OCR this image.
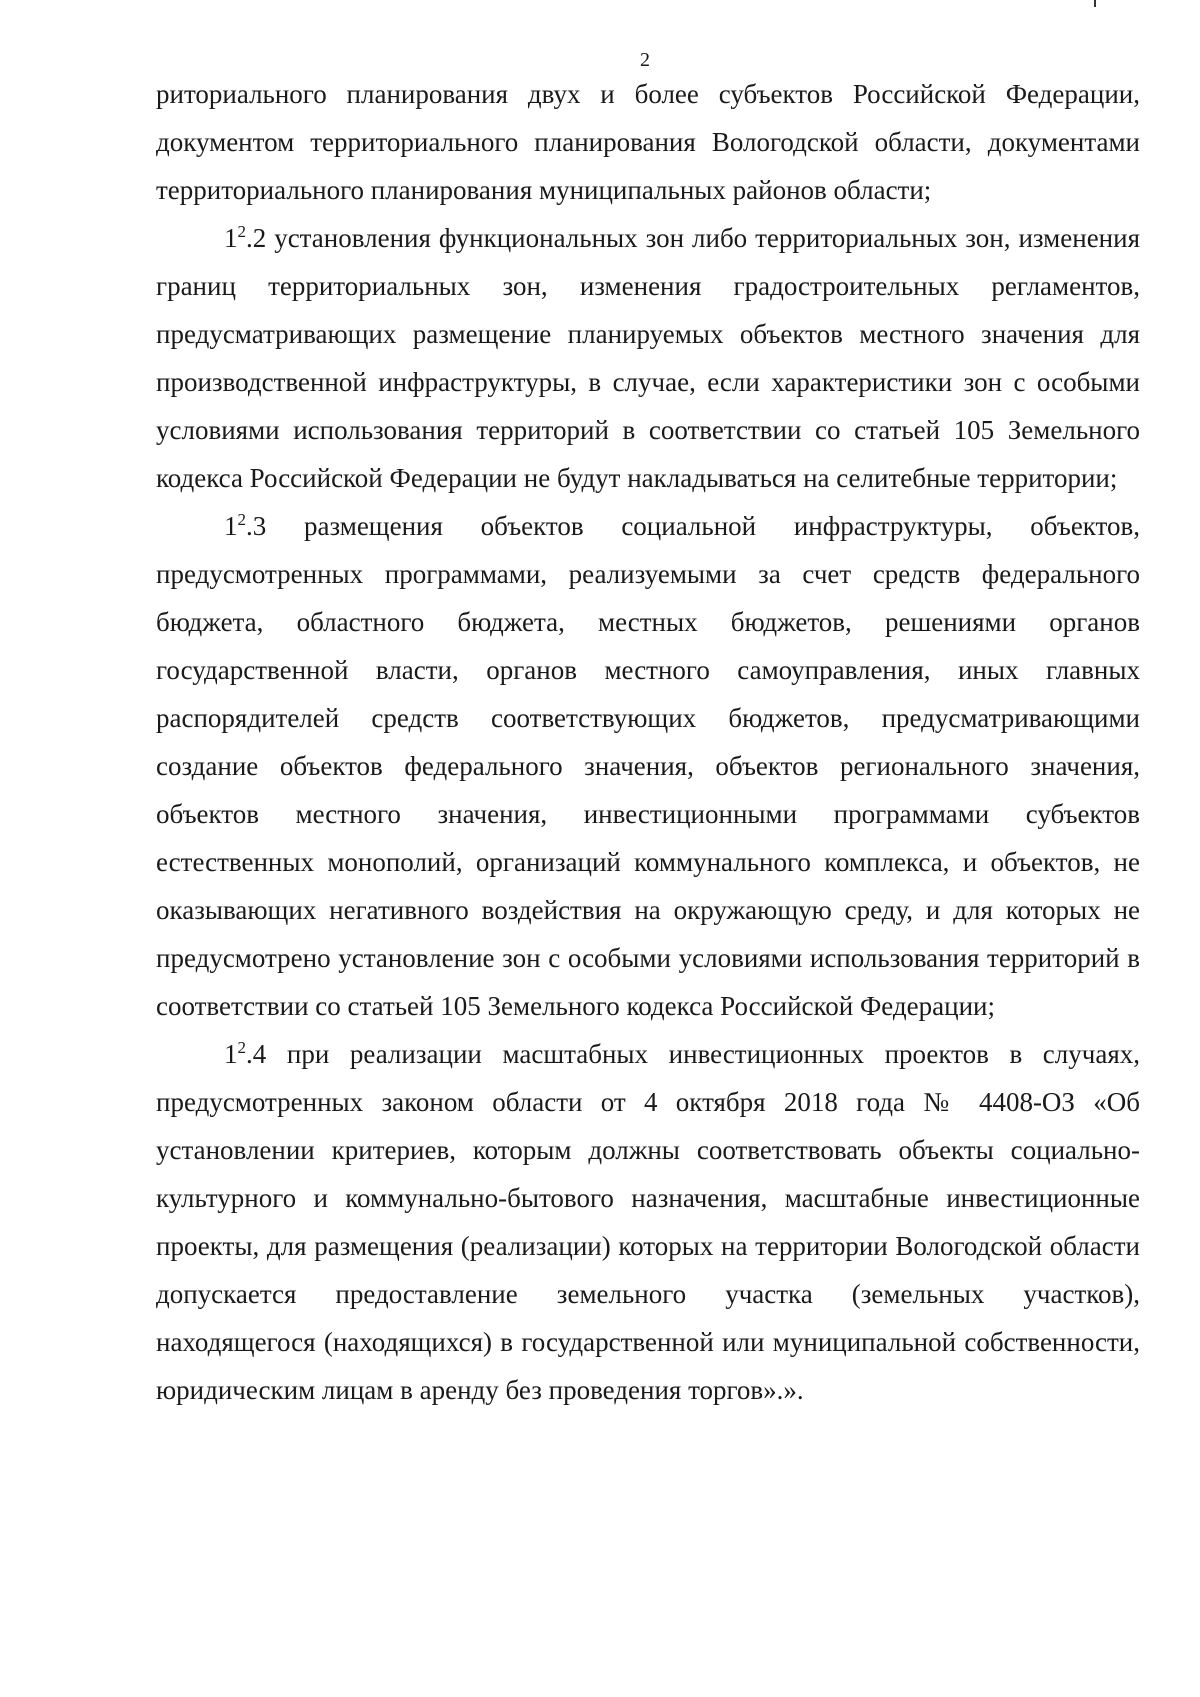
2

риториального планирования двух и более субъектов Российской Федерации, документом территориального планирования Вологодской области, документами территориального планирования муниципальных районов области;

$1^2.2$ установления функциональных зон либо территориальных зон, изменения границ территориальных зон, изменения градостроительных регламентов, предусматривающих размещение планируемых объектов местного значения для производственной инфраструктуры, в случае, если характеристики зон с особыми условиями использования территорий в соответствии со статьей 105 Земельного кодекса Российской Федерации не будут накладываться на селитебные территории;

$1^2.3$ размещения объектов социальной инфраструктуры, объектов, предусмотренных программами, реализуемыми за счет средств федерального бюджета, областного бюджета, местных бюджетов, решениями органов государственной власти, органов местного самоуправления, иных главных распорядителей средств соответствующих бюджетов, предусматривающими создание объектов федерального значения, объектов регионального значения, объектов местного значения, инвестиционными программами субъектов естественных монополий, организаций коммунального комплекса, и объектов, не оказывающих негативного воздействия на окружающую среду, и для которых не предусмотрено установление зон с особыми условиями использования территорий в соответствии со статьей 105 Земельного кодекса Российской Федерации;

$1^2.4$ при реализации масштабных инвестиционных проектов в случаях, предусмотренных законом области от 4 октября 2018 года № 4408-ОЗ «Об установлении критериев, которым должны соответствовать объекты социально-культурного и коммунально-бытового назначения, масштабные инвестиционные проекты, для размещения (реализации) которых на территории Вологодской области допускается предоставление земельного участка (земельных участков), находящегося (находящихся) в государственной или муниципальной собственности, юридическим лицам в аренду без проведения торгов».».
